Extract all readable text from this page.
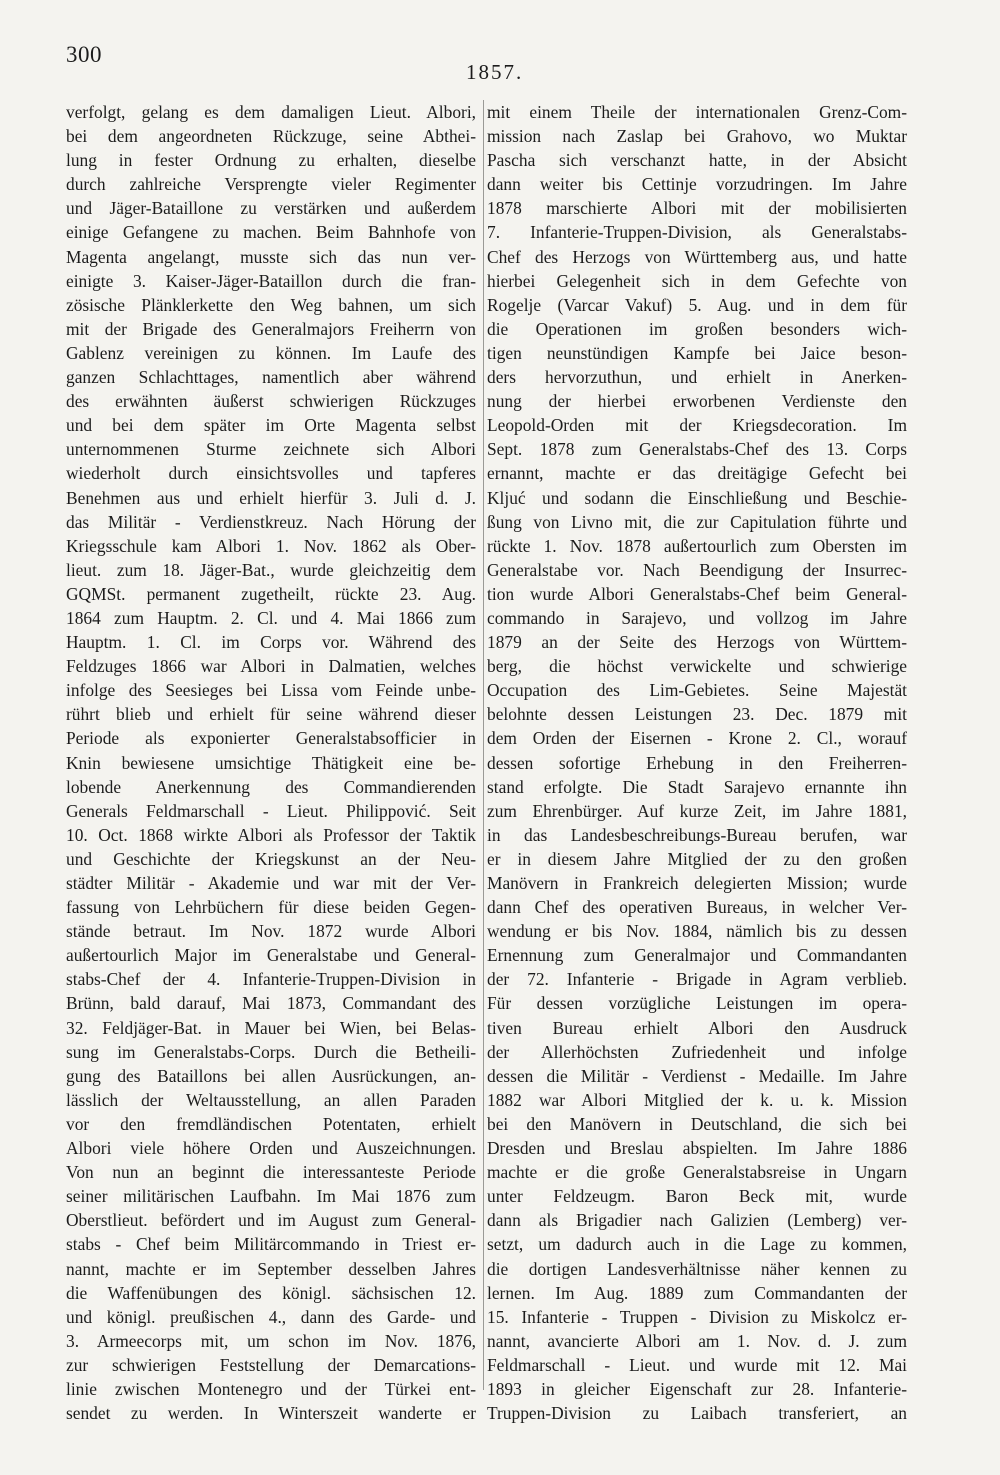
300
1857.
verfolgt, gelang es dem damaligen Lieut. Albori,
bei dem angeordneten Rückzuge, seine Abthei-
lung in fester Ordnung zu erhalten, dieselbe
durch zahlreiche Versprengte vieler Regimenter
und Jäger-Bataillone zu verstärken und außerdem
einige Gefangene zu machen. Beim Bahnhofe von
Magenta angelangt, musste sich das nun ver-
einigte 3. Kaiser-Jäger-Bataillon durch die fran-
zösische Plänklerkette den Weg bahnen, um sich
mit der Brigade des Generalmajors Freiherrn von
Gablenz vereinigen zu können. Im Laufe des
ganzen Schlachttages, namentlich aber während
des erwähnten äußerst schwierigen Rückzuges
und bei dem später im Orte Magenta selbst
unternommenen Sturme zeichnete sich Albori
wiederholt durch einsichtsvolles und tapferes
Benehmen aus und erhielt hierfür 3. Juli d. J.
das Militär - Verdienstkreuz. Nach Hörung der
Kriegsschule kam Albori 1. Nov. 1862 als Ober-
lieut. zum 18. Jäger-Bat., wurde gleichzeitig dem
GQMSt. permanent zugetheilt, rückte 23. Aug.
1864 zum Hauptm. 2. Cl. und 4. Mai 1866 zum
Hauptm. 1. Cl. im Corps vor. Während des
Feldzuges 1866 war Albori in Dalmatien, welches
infolge des Seesieges bei Lissa vom Feinde unbe-
rührt blieb und erhielt für seine während dieser
Periode als exponierter Generalstabsofficier in
Knin bewiesene umsichtige Thätigkeit eine be-
lobende Anerkennung des Commandierenden
Generals Feldmarschall - Lieut. Philippović. Seit
10. Oct. 1868 wirkte Albori als Professor der Taktik
und Geschichte der Kriegskunst an der Neu-
städter Militär - Akademie und war mit der Ver-
fassung von Lehrbüchern für diese beiden Gegen-
stände betraut. Im Nov. 1872 wurde Albori
außertourlich Major im Generalstabe und General-
stabs-Chef der 4. Infanterie-Truppen-Division in
Brünn, bald darauf, Mai 1873, Commandant des
32. Feldjäger-Bat. in Mauer bei Wien, bei Belas-
sung im Generalstabs-Corps. Durch die Betheili-
gung des Bataillons bei allen Ausrückungen, an-
lässlich der Weltausstellung, an allen Paraden
vor den fremdländischen Potentaten, erhielt
Albori viele höhere Orden und Auszeichnungen.
Von nun an beginnt die interessanteste Periode
seiner militärischen Laufbahn. Im Mai 1876 zum
Oberstlieut. befördert und im August zum General-
stabs - Chef beim Militärcommando in Triest er-
nannt, machte er im September desselben Jahres
die Waffenübungen des königl. sächsischen 12.
und königl. preußischen 4., dann des Garde- und
3. Armeecorps mit, um schon im Nov. 1876,
zur schwierigen Feststellung der Demarcations-
linie zwischen Montenegro und der Türkei ent-
sendet zu werden. In Winterszeit wanderte er
mit einem Theile der internationalen Grenz-Com-
mission nach Zaslap bei Grahovo, wo Muktar
Pascha sich verschanzt hatte, in der Absicht
dann weiter bis Cettinje vorzudringen. Im Jahre
1878 marschierte Albori mit der mobilisierten
7. Infanterie-Truppen-Division, als Generalstabs-
Chef des Herzogs von Württemberg aus, und hatte
hierbei Gelegenheit sich in dem Gefechte von
Rogelje (Varcar Vakuf) 5. Aug. und in dem für
die Operationen im großen besonders wich-
tigen neunstündigen Kampfe bei Jaice beson-
ders hervorzuthun, und erhielt in Anerken-
nung der hierbei erworbenen Verdienste den
Leopold-Orden mit der Kriegsdecoration. Im
Sept. 1878 zum Generalstabs-Chef des 13. Corps
ernannt, machte er das dreitägige Gefecht bei
Kljuć und sodann die Einschließung und Beschie-
ßung von Livno mit, die zur Capitulation führte und
rückte 1. Nov. 1878 außertourlich zum Obersten im
Generalstabe vor. Nach Beendigung der Insurrec-
tion wurde Albori Generalstabs-Chef beim General-
commando in Sarajevo, und vollzog im Jahre
1879 an der Seite des Herzogs von Württem-
berg, die höchst verwickelte und schwierige
Occupation des Lim-Gebietes. Seine Majestät
belohnte dessen Leistungen 23. Dec. 1879 mit
dem Orden der Eisernen - Krone 2. Cl., worauf
dessen sofortige Erhebung in den Freiherren-
stand erfolgte. Die Stadt Sarajevo ernannte ihn
zum Ehrenbürger. Auf kurze Zeit, im Jahre 1881,
in das Landesbeschreibungs-Bureau berufen, war
er in diesem Jahre Mitglied der zu den großen
Manövern in Frankreich delegierten Mission; wurde
dann Chef des operativen Bureaus, in welcher Ver-
wendung er bis Nov. 1884, nämlich bis zu dessen
Ernennung zum Generalmajor und Commandanten
der 72. Infanterie - Brigade in Agram verblieb.
Für dessen vorzügliche Leistungen im opera-
tiven Bureau erhielt Albori den Ausdruck
der Allerhöchsten Zufriedenheit und infolge
dessen die Militär - Verdienst - Medaille. Im Jahre
1882 war Albori Mitglied der k. u. k. Mission
bei den Manövern in Deutschland, die sich bei
Dresden und Breslau abspielten. Im Jahre 1886
machte er die große Generalstabsreise in Ungarn
unter Feldzeugm. Baron Beck mit, wurde
dann als Brigadier nach Galizien (Lemberg) ver-
setzt, um dadurch auch in die Lage zu kommen,
die dortigen Landesverhältnisse näher kennen zu
lernen. Im Aug. 1889 zum Commandanten der
15. Infanterie - Truppen - Division zu Miskolcz er-
nannt, avancierte Albori am 1. Nov. d. J. zum
Feldmarschall - Lieut. und wurde mit 12. Mai
1893 in gleicher Eigenschaft zur 28. Infanterie-
Truppen-Division zu Laibach transferiert, an
